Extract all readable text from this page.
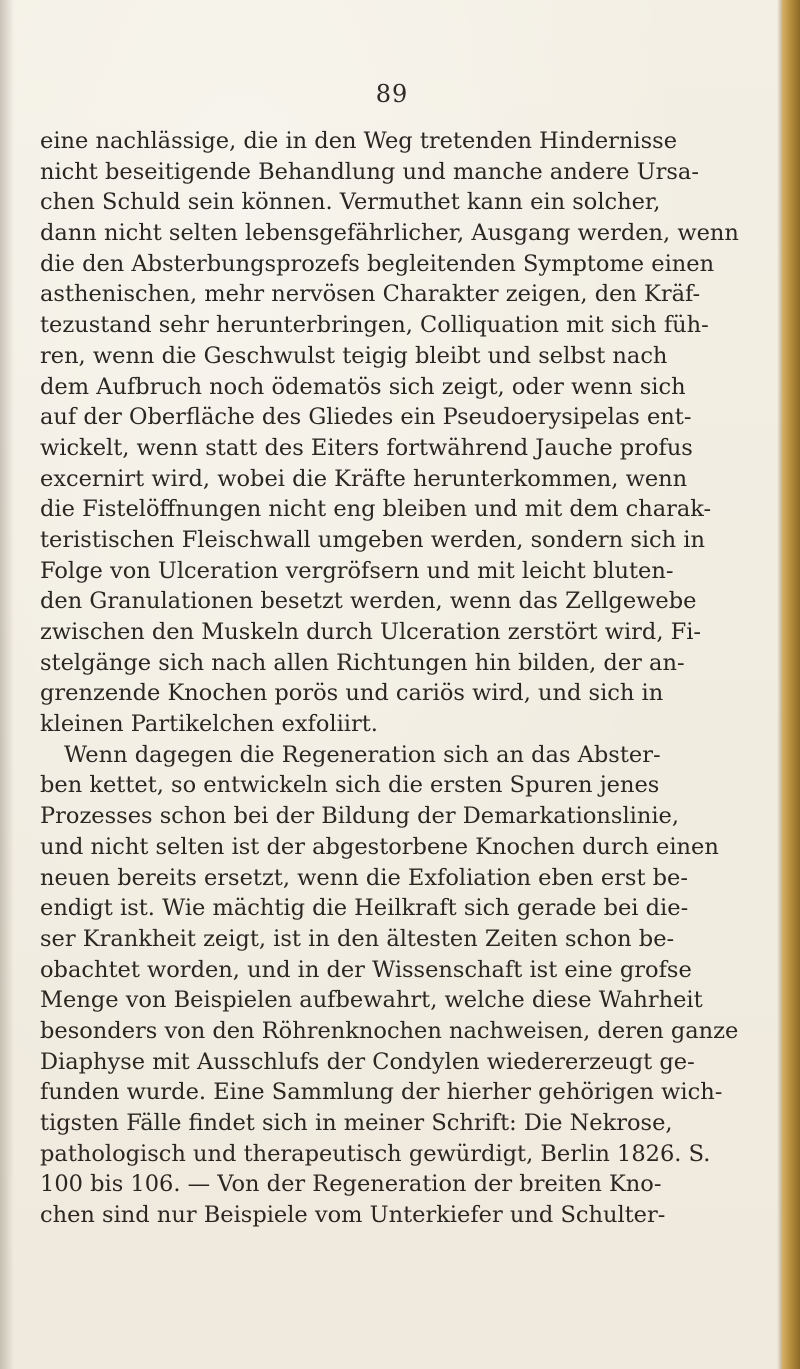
89
eine nachlässige, die in den Weg tretenden Hindernisse
nicht beseitigende Behandlung und manche andere Ursa-
chen Schuld sein können. Vermuthet kann ein solcher,
dann nicht selten lebensgefährlicher, Ausgang werden, wenn
die den Absterbungsprozefs begleitenden Symptome einen
asthenischen, mehr nervösen Charakter zeigen, den Kräf-
tezustand sehr herunterbringen, Colliquation mit sich füh-
ren, wenn die Geschwulst teigig bleibt und selbst nach
dem Aufbruch noch ödematös sich zeigt, oder wenn sich
auf der Oberfläche des Gliedes ein Pseudoerysipelas ent-
wickelt, wenn statt des Eiters fortwährend Jauche profus
excernirt wird, wobei die Kräfte herunterkommen, wenn
die Fistelöffnungen nicht eng bleiben und mit dem charak-
teristischen Fleischwall umgeben werden, sondern sich in
Folge von Ulceration vergröfsern und mit leicht bluten-
den Granulationen besetzt werden, wenn das Zellgewebe
zwischen den Muskeln durch Ulceration zerstört wird, Fi-
stelgänge sich nach allen Richtungen hin bilden, der an-
grenzende Knochen porös und cariös wird, und sich in
kleinen Partikelchen exfoliirt.
Wenn dagegen die Regeneration sich an das Abster-
ben kettet, so entwickeln sich die ersten Spuren jenes
Prozesses schon bei der Bildung der Demarkationslinie,
und nicht selten ist der abgestorbene Knochen durch einen
neuen bereits ersetzt, wenn die Exfoliation eben erst be-
endigt ist. Wie mächtig die Heilkraft sich gerade bei die-
ser Krankheit zeigt, ist in den ältesten Zeiten schon be-
obachtet worden, und in der Wissenschaft ist eine grofse
Menge von Beispielen aufbewahrt, welche diese Wahrheit
besonders von den Röhrenknochen nachweisen, deren ganze
Diaphyse mit Ausschlufs der Condylen wiedererzeugt ge-
funden wurde. Eine Sammlung der hierher gehörigen wich-
tigsten Fälle findet sich in meiner Schrift: Die Nekrose,
pathologisch und therapeutisch gewürdigt, Berlin 1826. S.
100 bis 106. — Von der Regeneration der breiten Kno-
chen sind nur Beispiele vom Unterkiefer und Schulter-
